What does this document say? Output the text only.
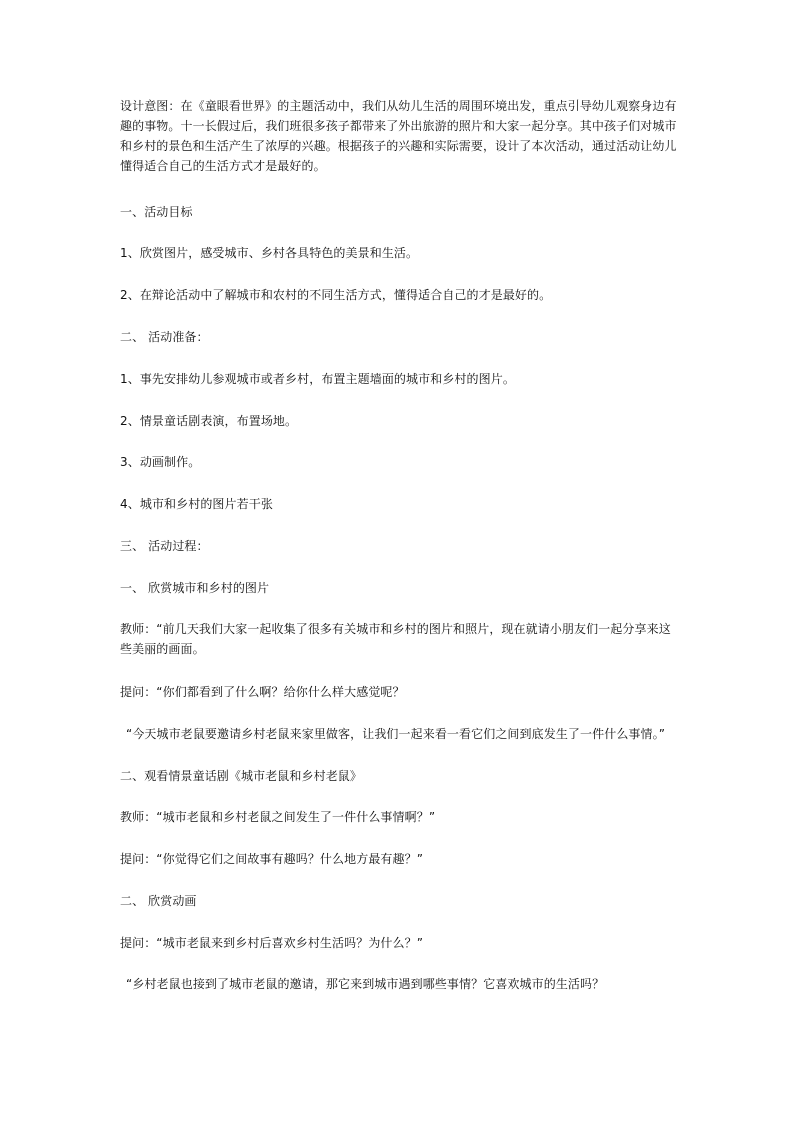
设计意图：在《童眼看世界》的主题活动中，我们从幼儿生活的周围环境出发，重点引导幼儿观察身边有趣的事物。十一长假过后，我们班很多孩子都带来了外出旅游的照片和大家一起分享。其中孩子们对城市和乡村的景色和生活产生了浓厚的兴趣。根据孩子的兴趣和实际需要，设计了本次活动，通过活动让幼儿懂得适合自己的生活方式才是最好的。
一、活动目标
1、欣赏图片，感受城市、乡村各具特色的美景和生活。
2、在辩论活动中了解城市和农村的不同生活方式，懂得适合自己的才是最好的。
二、 活动准备：
1、事先安排幼儿参观城市或者乡村，布置主题墙面的城市和乡村的图片。
2、情景童话剧表演，布置场地。
3、动画制作。
4、城市和乡村的图片若干张
三、 活动过程：
一、 欣赏城市和乡村的图片
教师：“前几天我们大家一起收集了很多有关城市和乡村的图片和照片，现在就请小朋友们一起分享来这些美丽的画面。
提问：“你们都看到了什么啊？给你什么样大感觉呢？
“今天城市老鼠要邀请乡村老鼠来家里做客，让我们一起来看一看它们之间到底发生了一件什么事情。”
二、观看情景童话剧《城市老鼠和乡村老鼠》
教师：“城市老鼠和乡村老鼠之间发生了一件什么事情啊？”
提问：“你觉得它们之间故事有趣吗？什么地方最有趣？”
二、 欣赏动画
提问：“城市老鼠来到乡村后喜欢乡村生活吗？为什么？”
“乡村老鼠也接到了城市老鼠的邀请，那它来到城市遇到哪些事情？它喜欢城市的生活吗？
